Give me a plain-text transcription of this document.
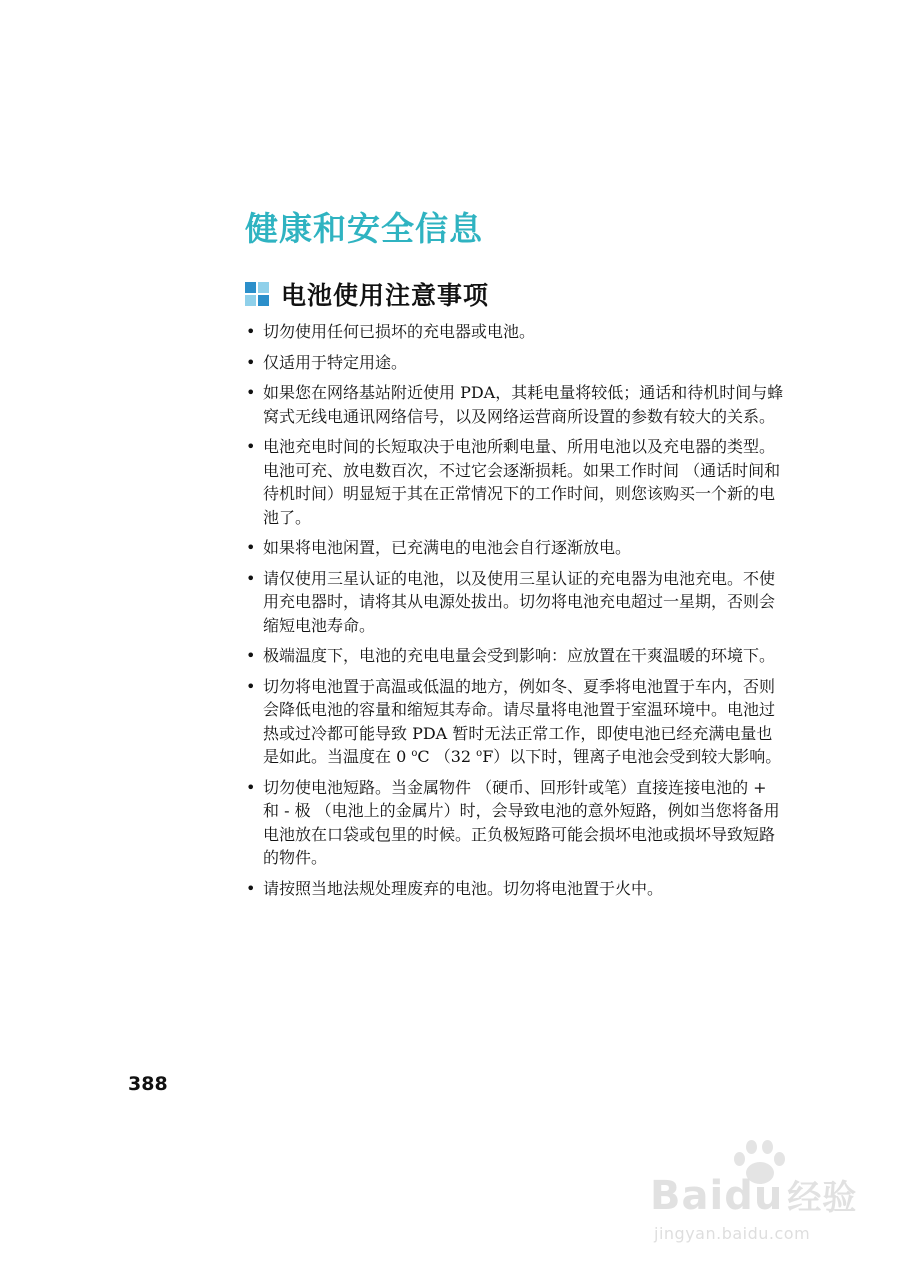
健康和安全信息
电池使用注意事项
• 切勿使用任何已损坏的充电器或电池。
• 仅适用于特定用途。
• 如果您在网络基站附近使用 PDA，其耗电量将较低；通话和待机时间与蜂窝式无线电通讯网络信号，以及网络运营商所设置的参数有较大的关系。
• 电池充电时间的长短取决于电池所剩电量、所用电池以及充电器的类型。电池可充、放电数百次，不过它会逐渐损耗。如果工作时间 （通话时间和待机时间）明显短于其在正常情况下的工作时间，则您该购买一个新的电池了。
• 如果将电池闲置，已充满电的电池会自行逐渐放电。
• 请仅使用三星认证的电池，以及使用三星认证的充电器为电池充电。不使用充电器时，请将其从电源处拔出。切勿将电池充电超过一星期，否则会缩短电池寿命。
• 极端温度下，电池的充电电量会受到影响：应放置在干爽温暖的环境下。
• 切勿将电池置于高温或低温的地方，例如冬、夏季将电池置于车内，否则会降低电池的容量和缩短其寿命。请尽量将电池置于室温环境中。电池过热或过冷都可能导致 PDA 暂时无法正常工作，即使电池已经充满电量也是如此。当温度在 0 $^o$C （32 $^o$F）以下时，锂离子电池会受到较大影响。
• 切勿使电池短路。当金属物件 （硬币、回形针或笔）直接连接电池的 + 和 - 极 （电池上的金属片）时，会导致电池的意外短路，例如当您将备用电池放在口袋或包里的时候。正负极短路可能会损坏电池或损坏导致短路的物件。
• 请按照当地法规处理废弃的电池。切勿将电池置于火中。
388
Baidu 经验
jingyan.baidu.com
